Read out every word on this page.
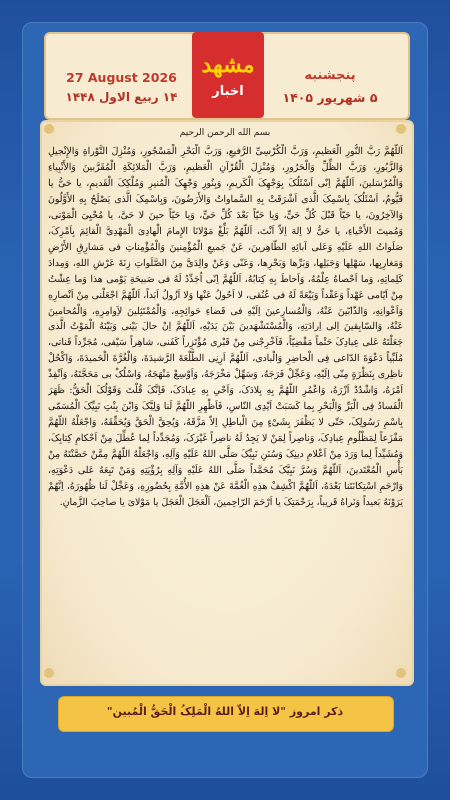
27 August 2026
۱۴ ربیع الاول ۱۴۴۸
پنجشنبه
۵ شهریور ۱۴۰۵
مشهد
اخبار
بسم الله الرحمن الرحیم
اَللّهُمَّ رَبَّ النُّورِ الْعَظیمِ، وَرَبَّ الْکُرْسِیِّ الرَّفیعِ، وَرَبَّ الْبَحْرِ الْمَسْجُورِ، وَمُنْزِلَ التَّوْراةِ وَالإِنْجیلِ وَالزَّبُورِ، وَرَبَّ الظِّلِّ وَالْحَرُورِ، وَمُنْزِلَ الْقُرْآنِ الْعَظیمِ، وَرَبَّ الْمَلائِکَةِ الْمُقَرَّبینَ وَالأَنْبِیاءِ وَالْمُرْسَلینَ، اَللّهُمَّ اِنّی اَسْئَلُکَ بِوَجْهِکَ الْکَریمِ، وَبِنُورِ وَجْهِکَ الْمُنیرِ وَمُلْکِکَ الْقَدیمِ، یا حَیُّ یا قَیُّومُ، اَسْئَلُکَ بِاسْمِکَ الَّذی اَشْرَقَتْ بِهِ السَّماواتُ وَالأَرَضُونَ، وَبِاسْمِکَ الَّذی یَصْلَحُ بِهِ الأَوَّلُونَ وَالآخِرُونَ، یا حَیّاً قَبْلَ کُلِّ حَیٍّ، وَیا حَیّاً بَعْدَ کُلِّ حَیٍّ، وَیا حَیّاً حینَ لا حَیَّ، یا مُحْیِیَ الْمَوْتی، وَمُمیتَ الأَحْیاءِ، یا حَیُّ لا اِلهَ اِلاّ اَنْتَ، اَللّهُمَّ بَلِّغْ مَوْلانَا الإِمامَ الْهادِیَ الْمَهْدِیَّ الْقائِمَ بِاَمْرِکَ، صَلَواتُ اللهِ عَلَیْهِ وَعَلی آبائِهِ الطّاهِرینَ، عَنْ جَمیعِ الْمُؤْمِنینَ وَالْمُؤْمِناتِ فی مَشارِقِ الأَرْضِ وَمَغارِبِها، سَهْلِها وَجَبَلِها، وَبَرِّها وَبَحْرِها، وَعَنّی وَعَنْ والِدَیَّ مِنَ الصَّلَواتِ زِنَةَ عَرْشِ اللهِ، وَمِدادَ کَلِماتِهِ، وَما اَحْصاهُ عِلْمُهُ، وَاَحاطَ بِهِ کِتابُهُ، اَللّهُمَّ اِنّی اُجَدِّدُ لَهُ فی صَبیحَةِ یَوْمی هذا وَما عِشْتُ مِنْ اَیّامی عَهْداً وَعَقْداً وَبَیْعَةً لَهُ فی عُنُقی، لا اَحُولُ عَنْها وَلا اَزُولُ اَبَداً، اَللّهُمَّ اجْعَلْنی مِنْ اَنْصارِهِ وَاَعْوانِهِ، وَالذّابّینَ عَنْهُ، وَالْمُسارِعینَ اِلَیْهِ فی قَضاءِ حَوائِجِهِ، وَالْمُمْتَثِلینَ لاَِوامِرِهِ، وَالْمُحامینَ عَنْهُ، وَالسّابِقینَ اِلی اِرادَتِهِ، وَالْمُسْتَشْهَدینَ بَیْنَ یَدَیْهِ، اَللّهُمَّ اِنْ حالَ بَیْنی وَبَیْنَهُ الْمَوْتُ الَّذی جَعَلْتَهُ عَلی عِبادِکَ حَتْماً مَقْضِیّاً، فَاَخْرِجْنی مِنْ قَبْری مُؤْتَزِراً کَفَنی، شاهِراً سَیْفی، مُجَرِّداً قَناتی، مُلَبِّیاً دَعْوَةَ الدّاعی فِی الْحاضِرِ وَالْبادی، اَللّهُمَّ اَرِنِی الطَّلْعَةَ الرَّشیدَةَ، وَالْغُرَّةَ الْحَمیدَةَ، وَاکْحُلْ ناظِری بِنَظْرَةٍ مِنّی اِلَیْهِ، وَعَجِّلْ فَرَجَهُ، وَسَهِّلْ مَخْرَجَهُ، وَاَوْسِعْ مَنْهَجَهُ، وَاسْلُکْ بی مَحَجَّتَهُ، وَاَنْفِذْ اَمْرَهُ، وَاشْدُدْ اَزْرَهُ، وَاعْمُرِ اللّهُمَّ بِهِ بِلادَکَ، وَاَحْیِ بِهِ عِبادَکَ، فَاِنَّکَ قُلْتَ وَقَوْلُکَ الْحَقُّ: ظَهَرَ الْفَسادُ فِی الْبَرِّ وَالْبَحْرِ بِما کَسَبَتْ اَیْدِی النّاسِ، فَاَظْهِرِ اللّهُمَّ لَنا وَلِیَّکَ وَابْنَ بِنْتِ نَبِیِّکَ الْمُسَمّی بِاسْمِ رَسُولِکَ، حَتّی لا یَظْفَرَ بِشَیْءٍ مِنَ الْباطِلِ اِلاّ مَزَّقَهُ، وَیُحِقَّ الْحَقَّ وَیُحَقِّقَهُ، وَاجْعَلْهُ اللّهُمَّ مَفْزَعاً لِمَظْلُومِ عِبادِکَ، وَناصِراً لِمَنْ لا یَجِدُ لَهُ ناصِراً غَیْرَکَ، وَمُجَدِّداً لِما عُطِّلَ مِنْ اَحْکامِ کِتابِکَ، وَمُشَیِّداً لِما وَرَدَ مِنْ اَعْلامِ دینِکَ وَسُنَنِ نَبِیِّکَ صَلَّی اللهُ عَلَیْهِ وَآلِهِ، وَاجْعَلْهُ اللّهُمَّ مِمَّنْ حَصَّنْتَهُ مِنْ بَأْسِ الْمُعْتَدینَ، اَللّهُمَّ وَسُرَّ نَبِیَّکَ مُحَمَّداً صَلَّی اللهُ عَلَیْهِ وَآلِهِ بِرُؤْیَتِهِ وَمَنْ تَبِعَهُ عَلی دَعْوَتِهِ، وَارْحَمِ اسْتِکانَتَنا بَعْدَهُ، اَللّهُمَّ اکْشِفْ هذِهِ الْغُمَّةَ عَنْ هذِهِ الأُمَّةِ بِحُضُورِهِ، وَعَجِّلْ لَنا ظُهُورَهُ، اِنَّهُمْ یَرَوْنَهُ بَعیداً وَنَراهُ قَریباً، بِرَحْمَتِکَ یا اَرْحَمَ الرّاحِمینَ، اَلْعَجَلَ الْعَجَلَ یا مَوْلایَ یا صاحِبَ الزَّمانِ.
ذکر امروز "لا اِلهَ اِلاّ اللهُ الْمَلِکُ الْحَقُّ الْمُبین"
